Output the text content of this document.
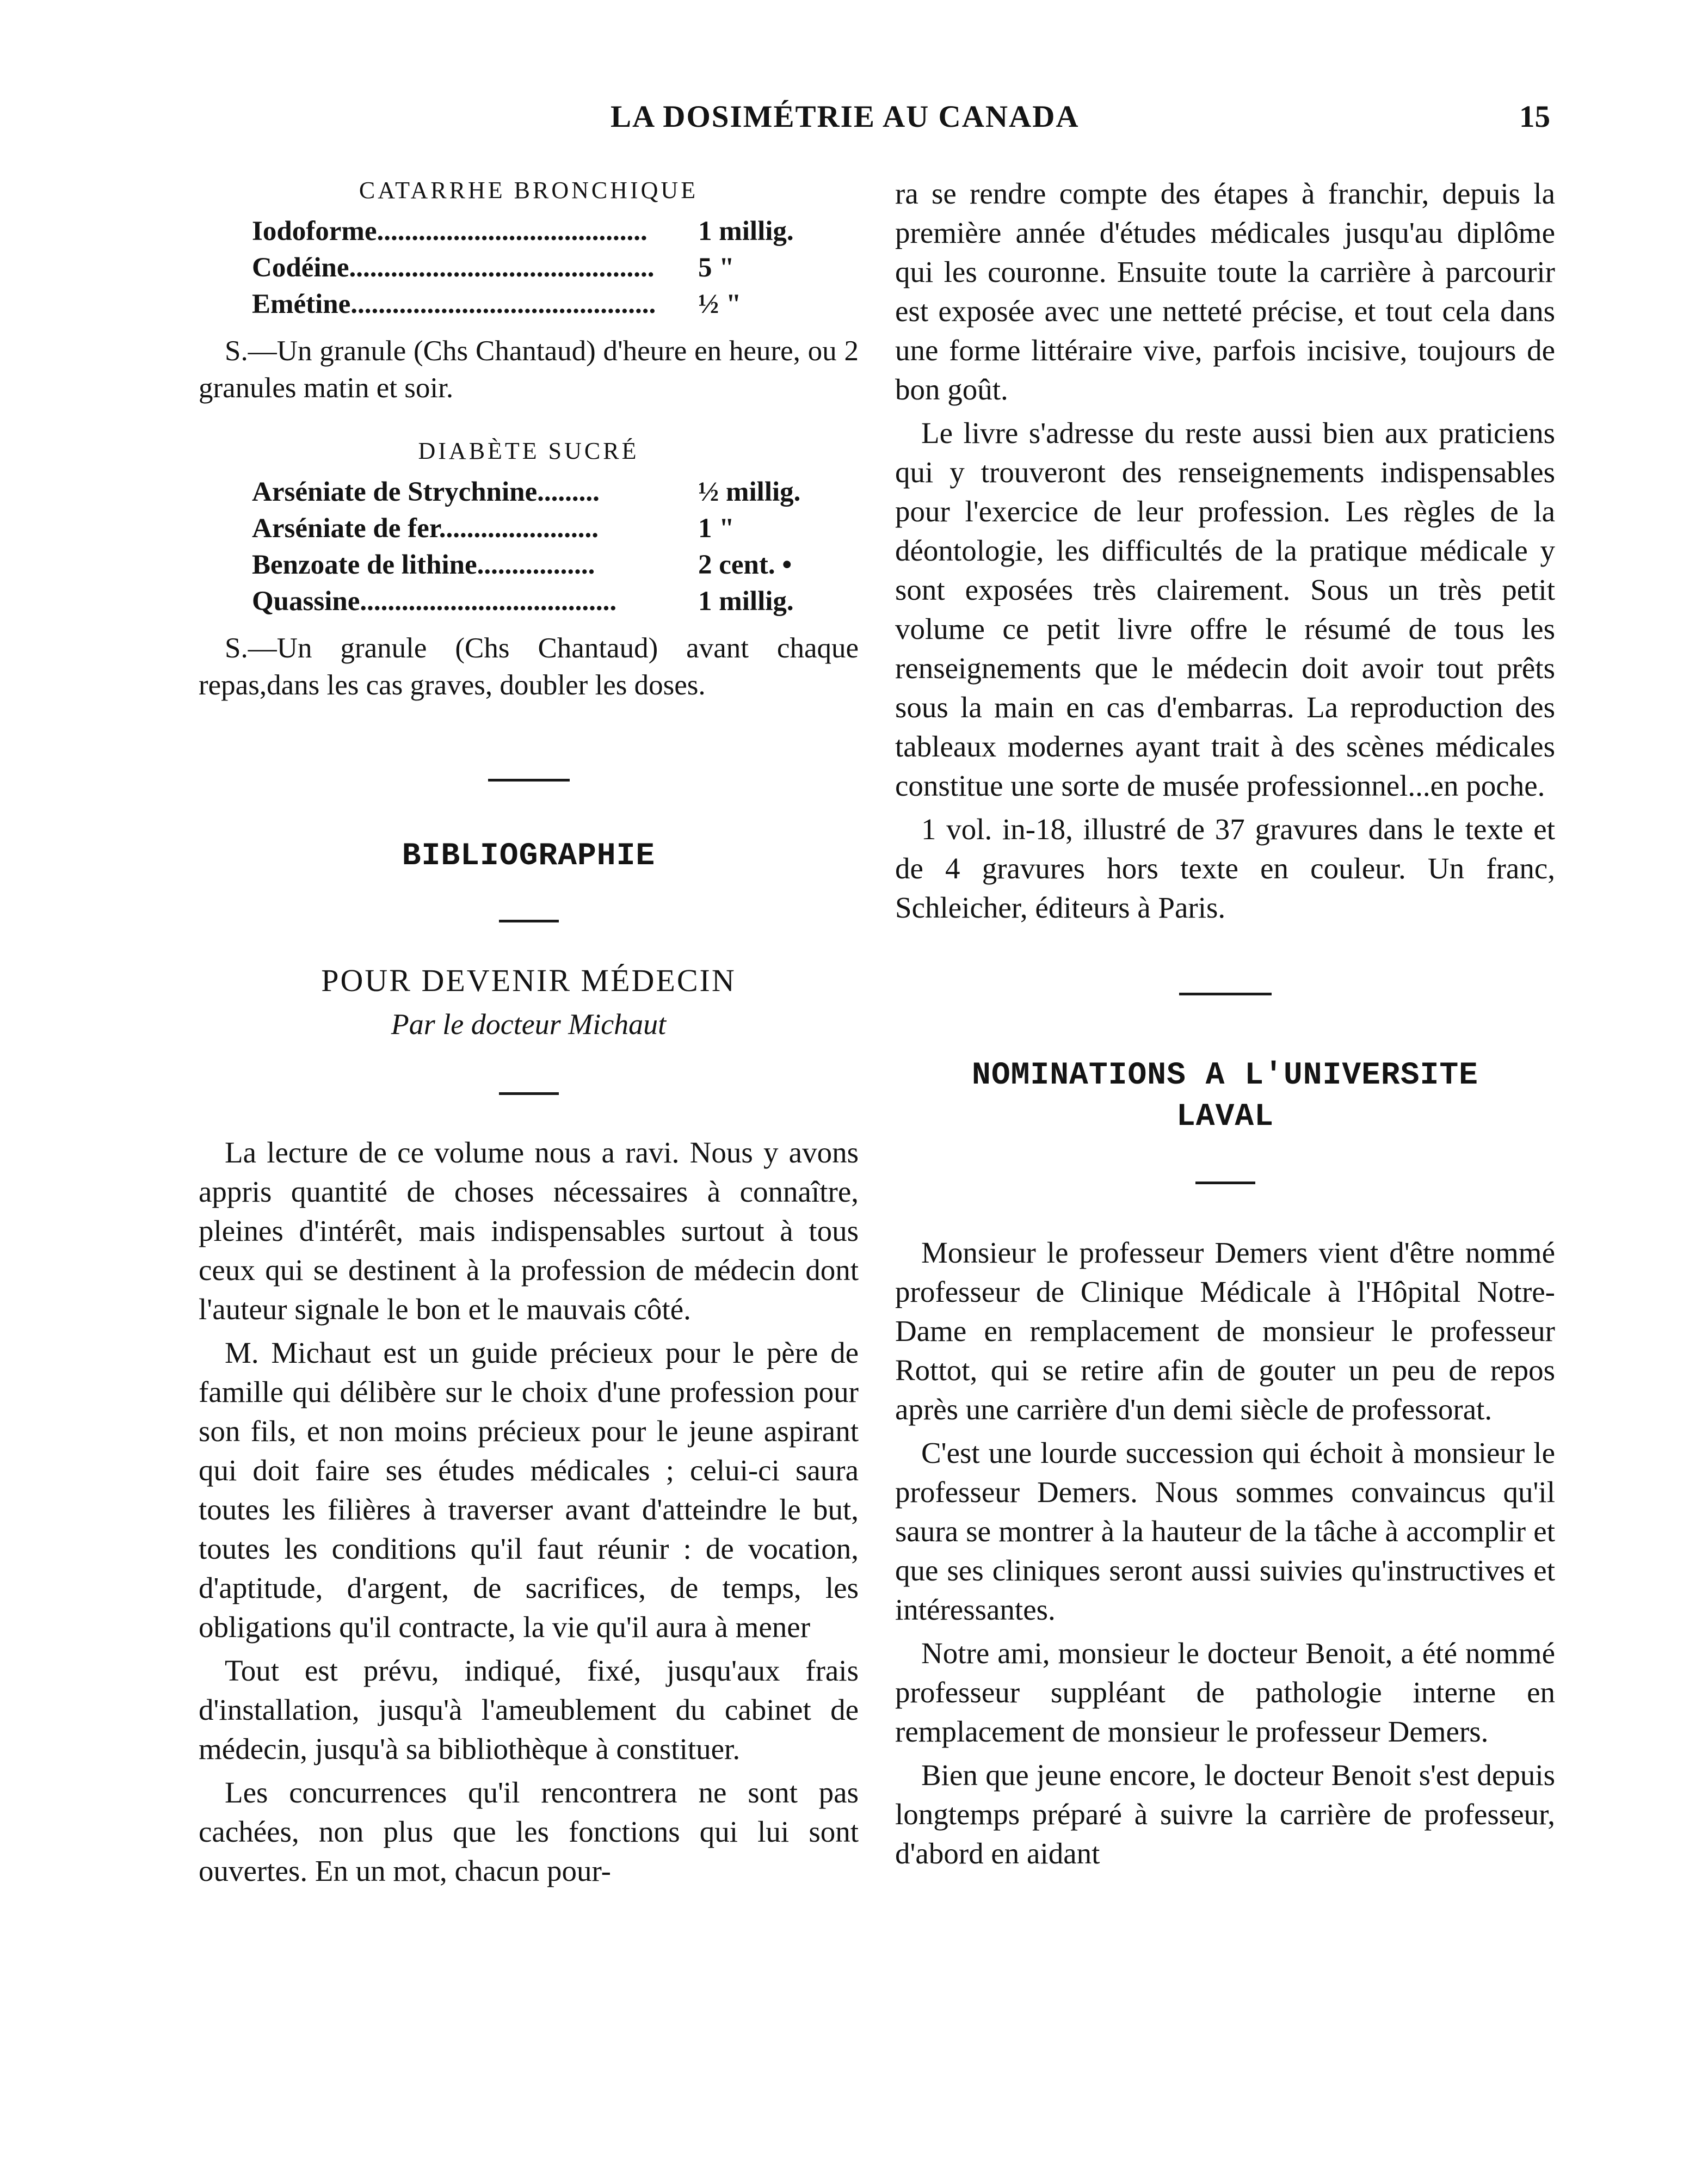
LA DOSIMÉTRIE AU CANADA	15
CATARRHE BRONCHIQUE
Iodoforme.......................................	1 millig.
Codéine............................................	5 "
Emétine............................................	½ "
S.—Un granule (Chs Chantaud) d'heure en heure, ou 2 granules matin et soir.
DIABÈTE SUCRÉ
Arséniate de Strychnine.........	½ millig.
Arséniate de fer.......................	1 "
Benzoate de lithine.................	2 cent. •
Quassine.....................................	1 millig.
S.—Un granule (Chs Chantaud) avant chaque repas,dans les cas graves, doubler les doses.
BIBLIOGRAPHIE
POUR DEVENIR MÉDECIN
Par le docteur Michaut

La lecture de ce volume nous a ravi. Nous y avons appris quantité de choses nécessaires à connaître, pleines d'intérêt, mais indispensables surtout à tous ceux qui se destinent à la profession de médecin dont l'auteur signale le bon et le mauvais côté.

M. Michaut est un guide précieux pour le père de famille qui délibère sur le choix d'une profession pour son fils, et non moins précieux pour le jeune aspirant qui doit faire ses études médicales ; celui-ci saura toutes les filières à traverser avant d'atteindre le but, toutes les conditions qu'il faut réunir : de vocation, d'aptitude, d'argent, de sacrifices, de temps, les obligations qu'il contracte, la vie qu'il aura à mener

Tout est prévu, indiqué, fixé, jusqu'aux frais d'installation, jusqu'à l'ameublement du cabinet de médecin, jusqu'à sa bibliothèque à constituer.

Les concurrences qu'il rencontrera ne sont pas cachées, non plus que les fonctions qui lui sont ouvertes. En un mot, chacun pour-

ra se rendre compte des étapes à franchir, depuis la première année d'études médicales jusqu'au diplôme qui les couronne. Ensuite toute la carrière à parcourir est exposée avec une netteté précise, et tout cela dans une forme littéraire vive, parfois incisive, toujours de bon goût.

Le livre s'adresse du reste aussi bien aux praticiens qui y trouveront des renseignements indispensables pour l'exercice de leur profession. Les règles de la déontologie, les difficultés de la pratique médicale y sont exposées très clairement. Sous un très petit volume ce petit livre offre le résumé de tous les renseignements que le médecin doit avoir tout prêts sous la main en cas d'embarras. La reproduction des tableaux modernes ayant trait à des scènes médicales constitue une sorte de musée professionnel...en poche.

1 vol. in-18, illustré de 37 gravures dans le texte et de 4 gravures hors texte en couleur. Un franc, Schleicher, éditeurs à Paris.

NOMINATIONS A L'UNIVERSITE
LAVAL

Monsieur le professeur Demers vient d'être nommé professeur de Clinique Médicale à l'Hôpital Notre-Dame en remplacement de monsieur le professeur Rottot, qui se retire afin de gouter un peu de repos après une carrière d'un demi siècle de professorat.

C'est une lourde succession qui échoit à monsieur le professeur Demers. Nous sommes convaincus qu'il saura se montrer à la hauteur de la tâche à accomplir et que ses cliniques seront aussi suivies qu'instructives et intéressantes.

Notre ami, monsieur le docteur Benoit, a été nommé professeur suppléant de pathologie interne en remplacement de monsieur le professeur Demers.

Bien que jeune encore, le docteur Benoit s'est depuis longtemps préparé à suivre la carrière de professeur, d'abord en aidant
